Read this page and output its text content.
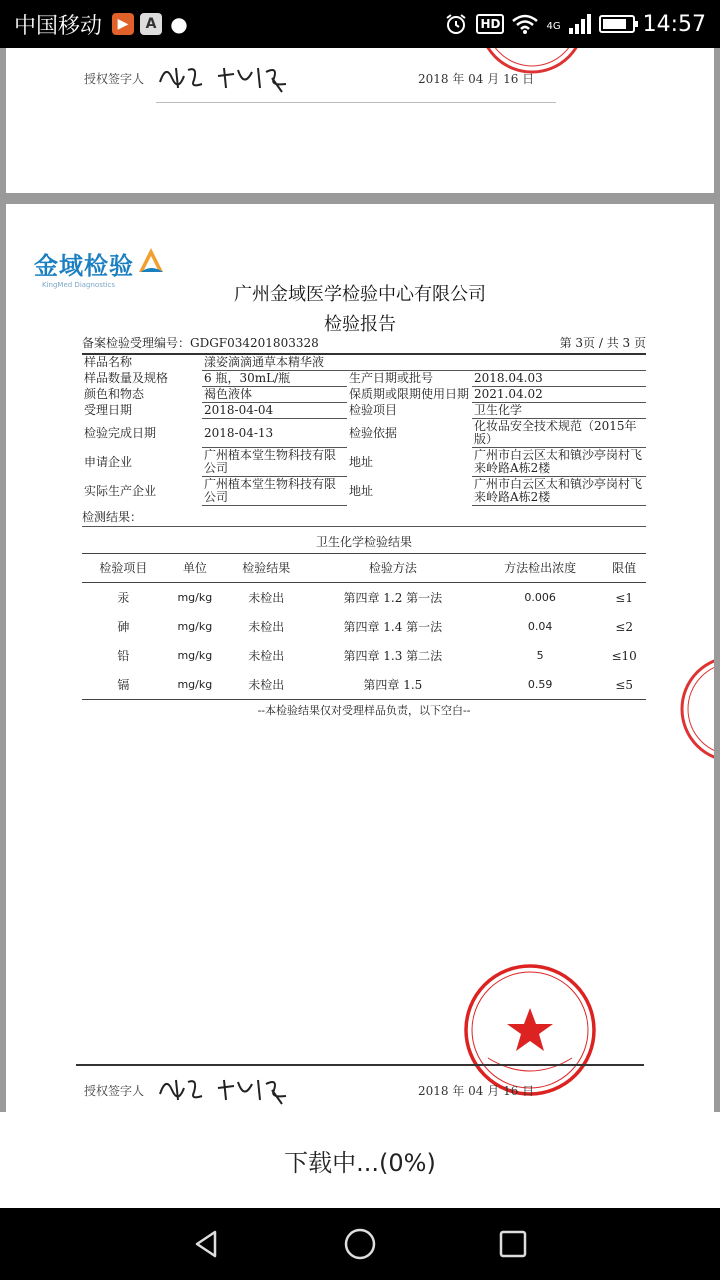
中国移动	▶	A ●	HD	4G	14:57
授权签字人	2018 年 04 月 16 日
金域检验
KingMed Diagnostics	广州金域医学检验中心有限公司
检验报告
备案检验受理编号：GDGF034201803328	第 3页 / 共 3 页
样品名称	漾姿滴滴通草本精华液		

样品数量及规格	6 瓶，30mL/瓶	生产日期或批号	2018.04.03
颜色和物态	褐色液体	保质期或限期使用日期	2021.04.02
受理日期	2018-04-04	检验项目	卫生化学
检验完成日期	2018-04-13	检验依据	化妆品安全技术规范（2015年版）
申请企业	广州植本堂生物科技有限公司	地址	广州市白云区太和镇沙亭岗村飞来岭路A栋2楼
实际生产企业	广州植本堂生物科技有限公司	地址	广州市白云区太和镇沙亭岗村飞来岭路A栋2楼
检测结果：
卫生化学检验结果
检验项目	单位	检验结果	检验方法	方法检出浓度	限值
汞	mg/kg	未检出	第四章 1.2 第一法	0.006	≤1
砷	mg/kg	未检出	第四章 1.4 第一法	0.04	≤2
铅	mg/kg	未检出	第四章 1.3 第二法	5	≤10
镉	mg/kg	未检出	第四章 1.5	0.59	≤5
--本检验结果仅对受理样品负责，以下空白--
授权签字人	2018 年 04 月 16 日
下载中...(0%)
